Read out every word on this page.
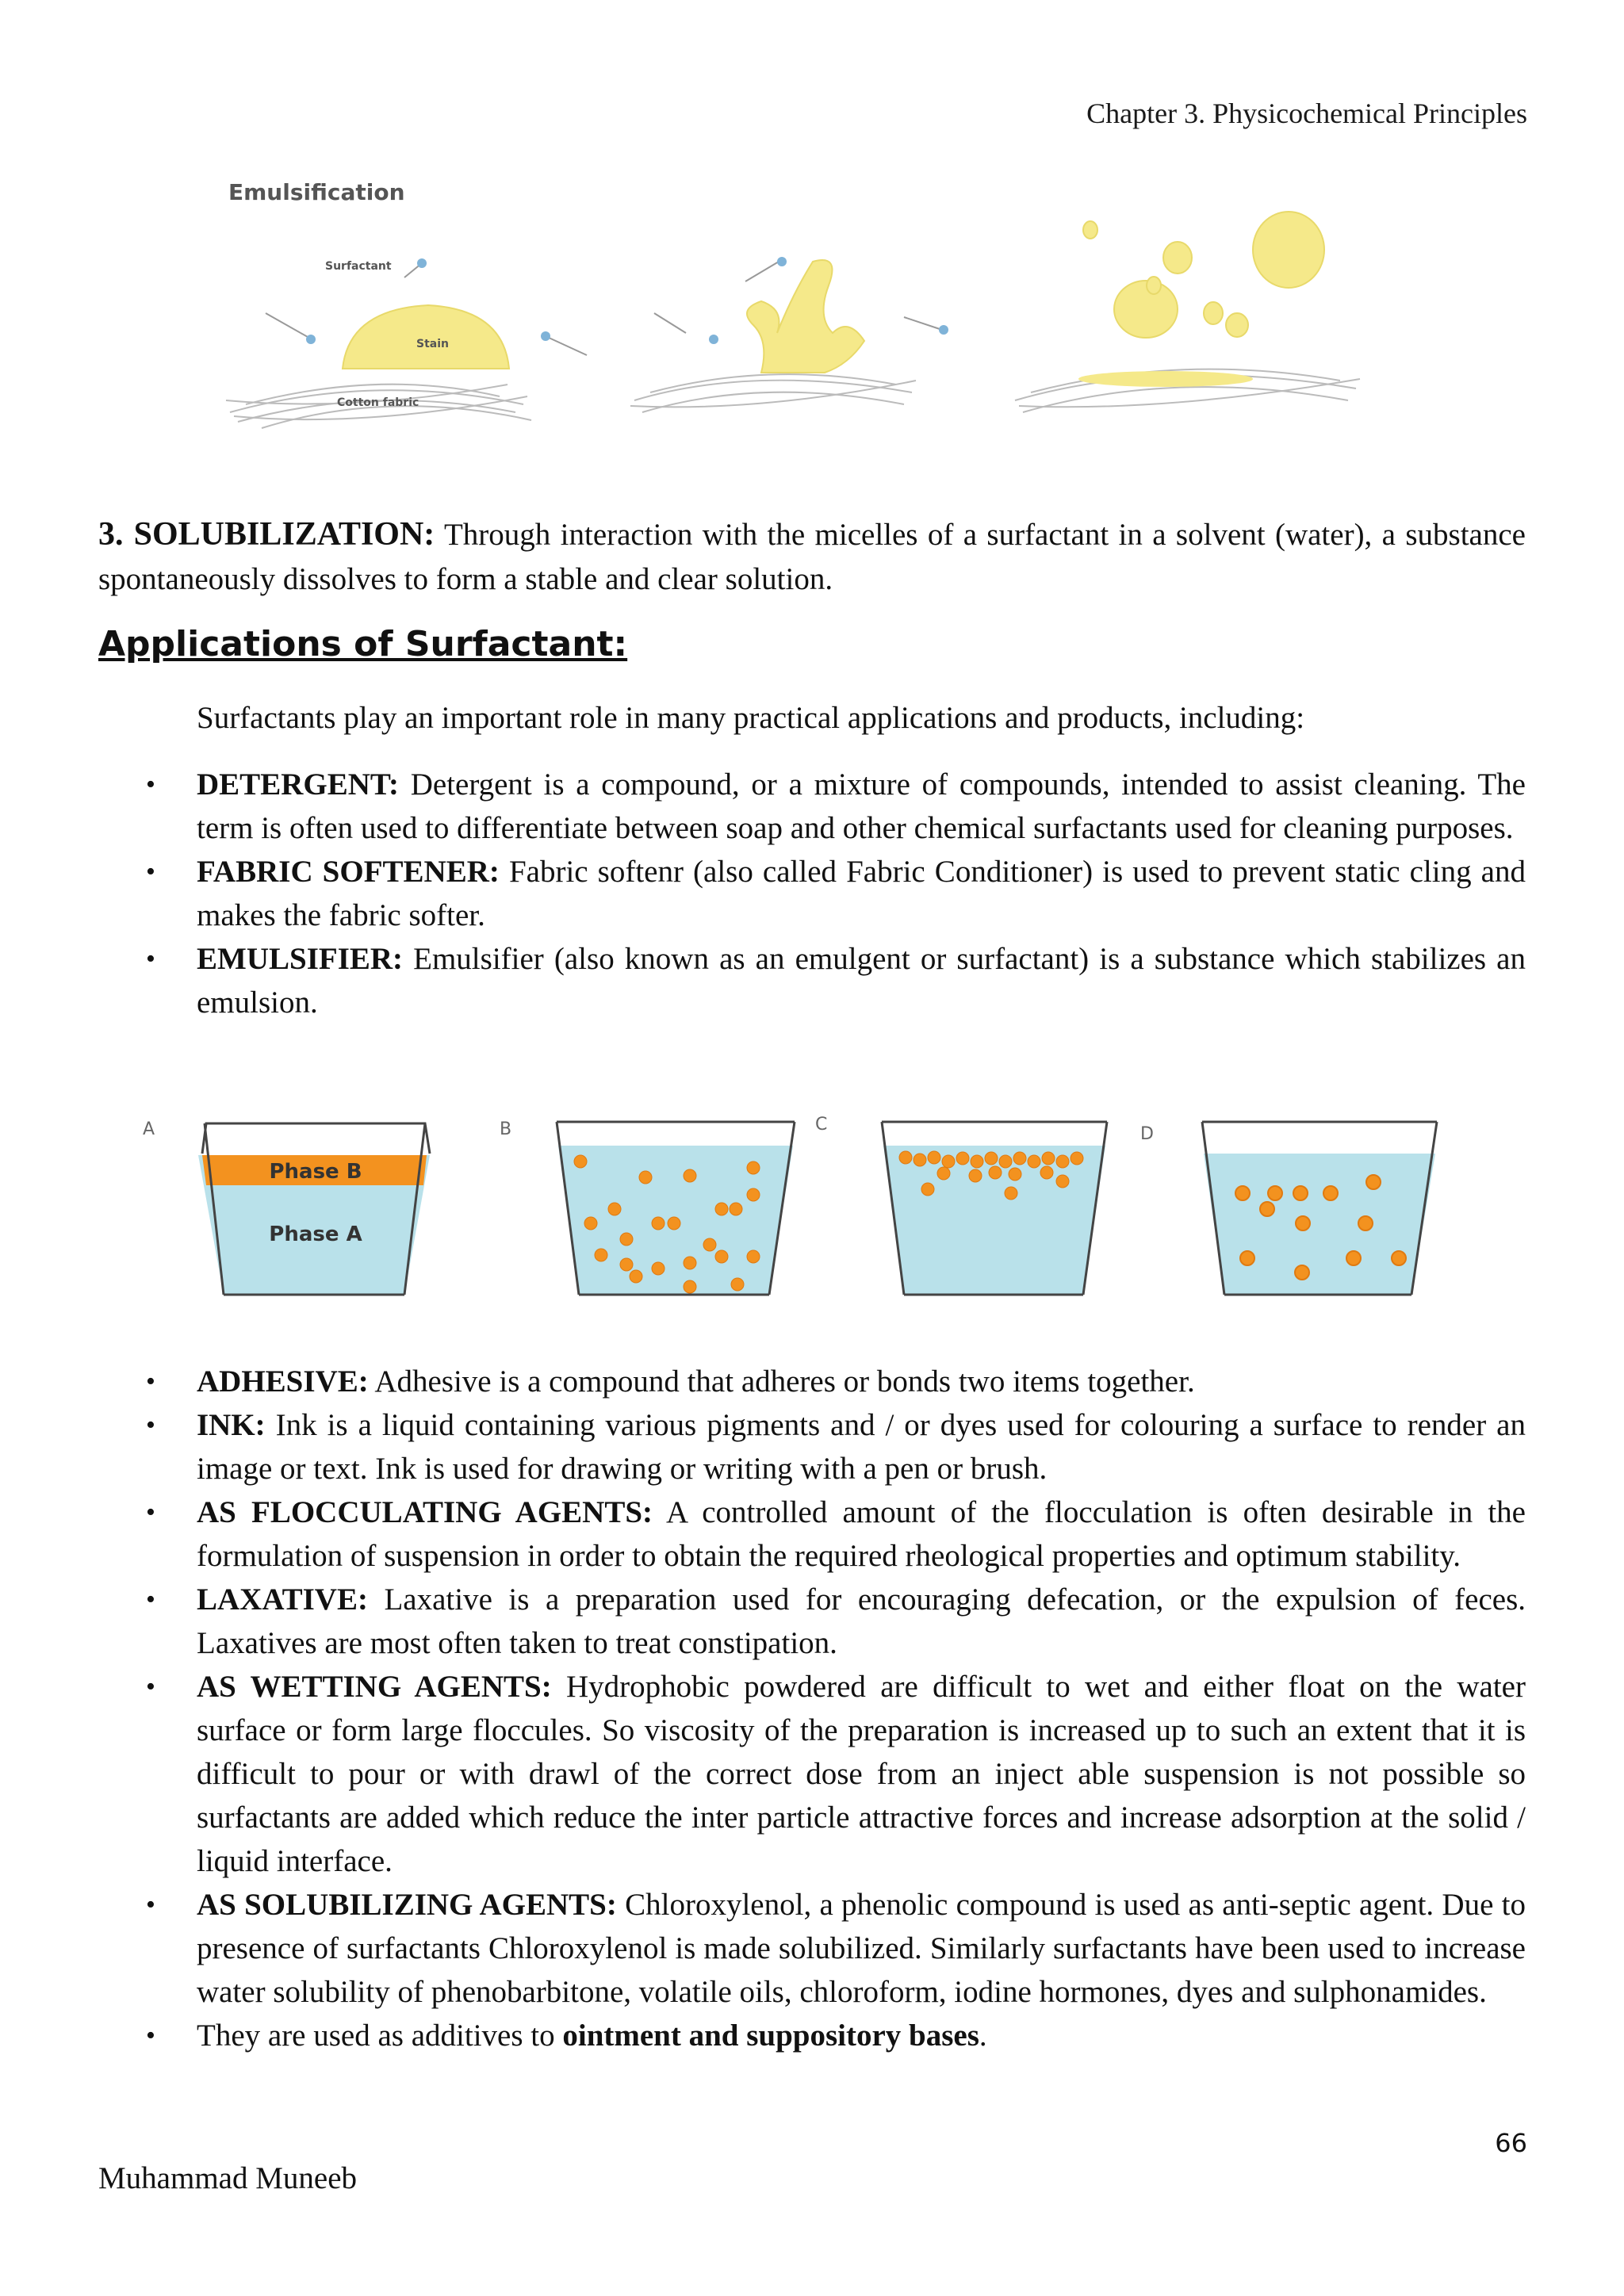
Chapter 3. Physicochemical Principles
Emulsification
Surfactant
Stain
Cotton fabric
3. SOLUBILIZATION: Through interaction with the micelles of a surfactant in a solvent (water), a substance spontaneously dissolves to form a stable and clear solution.
Applications of Surfactant:
Surfactants play an important role in many practical applications and products, including:
• DETERGENT: Detergent is a compound, or a mixture of compounds, intended to assist cleaning. The term is often used to differentiate between soap and other chemical surfactants used for cleaning purposes.
• FABRIC SOFTENER: Fabric softenr (also called Fabric Conditioner) is used to prevent static cling and makes the fabric softer.
• EMULSIFIER: Emulsifier (also known as an emulgent or surfactant) is a substance which stabilizes an emulsion.
A	B	C	D
Phase B
Phase A
• ADHESIVE: Adhesive is a compound that adheres or bonds two items together.
• INK: Ink is a liquid containing various pigments and / or dyes used for colouring a surface to render an image or text. Ink is used for drawing or writing with a pen or brush.
• AS FLOCCULATING AGENTS: A controlled amount of the flocculation is often desirable in the formulation of suspension in order to obtain the required rheological properties and optimum stability.
• LAXATIVE: Laxative is a preparation used for encouraging defecation, or the expulsion of feces. Laxatives are most often taken to treat constipation.
• AS WETTING AGENTS: Hydrophobic powdered are difficult to wet and either float on the water surface or form large floccules. So viscosity of the preparation is increased up to such an extent that it is difficult to pour or with drawl of the correct dose from an inject able suspension is not possible so surfactants are added which reduce the inter particle attractive forces and increase adsorption at the solid / liquid interface.
• AS SOLUBILIZING AGENTS: Chloroxylenol, a phenolic compound is used as anti-septic agent. Due to presence of surfactants Chloroxylenol is made solubilized. Similarly surfactants have been used to increase water solubility of phenobarbitone, volatile oils, chloroform, iodine hormones, dyes and sulphonamides.
• They are used as additives to ointment and suppository bases.
66
Muhammad Muneeb
